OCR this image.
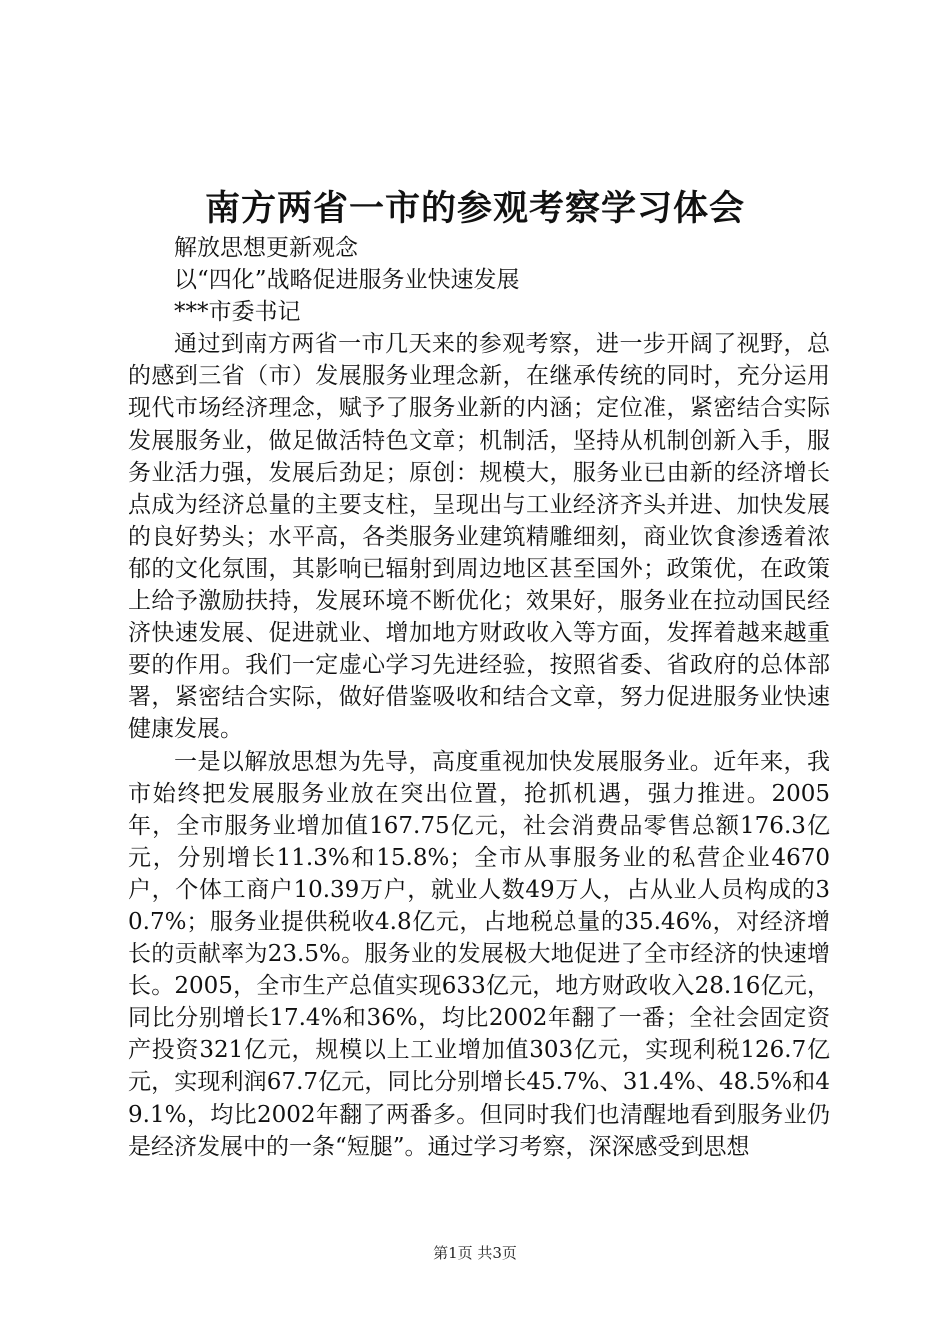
南方两省一市的参观考察学习体会

解放思想更新观念

以“四化”战略促进服务业快速发展

***市委书记

通过到南方两省一市几天来的参观考察，进一步开阔了视野，总的感到三省（市）发展服务业理念新，在继承传统的同时，充分运用现代市场经济理念，赋予了服务业新的内涵；定位准，紧密结合实际发展服务业，做足做活特色文章；机制活，坚持从机制创新入手，服务业活力强，发展后劲足；原创：规模大，服务业已由新的经济增长点成为经济总量的主要支柱，呈现出与工业经济齐头并进、加快发展的良好势头；水平高，各类服务业建筑精雕细刻，商业饮食渗透着浓郁的文化氛围，其影响已辐射到周边地区甚至国外；政策优，在政策上给予激励扶持，发展环境不断优化；效果好，服务业在拉动国民经济快速发展、促进就业、增加地方财政收入等方面，发挥着越来越重要的作用。我们一定虚心学习先进经验，按照省委、省政府的总体部署，紧密结合实际，做好借鉴吸收和结合文章，努力促进服务业快速健康发展。

一是以解放思想为先导，高度重视加快发展服务业。近年来，我市始终把发展服务业放在突出位置，抢抓机遇，强力推进。2005年，全市服务业增加值167.75亿元，社会消费品零售总额176.3亿元，分别增长11.3%和15.8%；全市从事服务业的私营企业4670户，个体工商户10.39万户，就业人数49万人，占从业人员构成的30.7%；服务业提供税收4.8亿元，占地税总量的35.46%，对经济增长的贡献率为23.5%。服务业的发展极大地促进了全市经济的快速增长。2005，全市生产总值实现633亿元，地方财政收入28.16亿元，同比分别增长17.4%和36%，均比2002年翻了一番；全社会固定资产投资321亿元，规模以上工业增加值303亿元，实现利税126.7亿元，实现利润67.7亿元，同比分别增长45.7%、31.4%、48.5%和49.1%，均比2002年翻了两番多。但同时我们也清醒地看到服务业仍是经济发展中的一条“短腿”。通过学习考察，深深感受到思想

第1页 共3页
